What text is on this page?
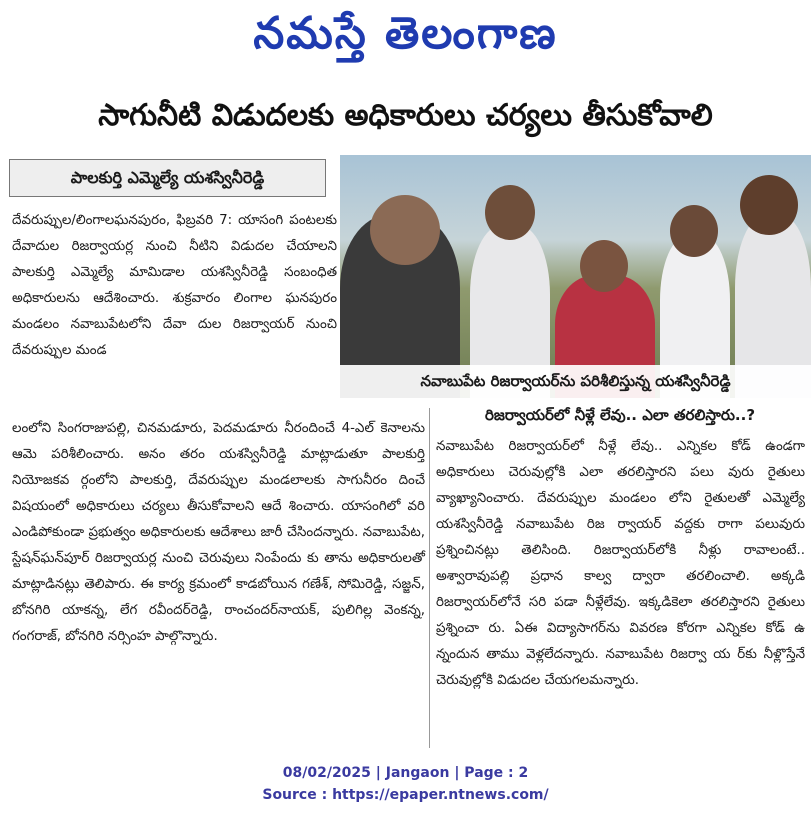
నమస్తే తెలంగాణ
సాగునీటి విడుదలకు అధికారులు చర్యలు తీసుకోవాలి
పాలకుర్తి ఎమ్మెల్యే యశస్వినీరెడ్డి
నవాబుపేట రిజర్వాయర్‌ను పరిశీలిస్తున్న యశస్వినీరెడ్డి
దేవరుప్పుల/లింగాలఘనపురం, ఫిబ్రవరి 7: యాసంగి పంటలకు దేవాదుల రిజర్వాయర్ల నుంచి నీటిని విడుదల చేయాలని పాలకుర్తి ఎమ్మెల్యే మామిడాల యశస్వినీరెడ్డి సంబంధిత అధికారులను ఆదేశించారు. శుక్రవారం లింగాల ఘనపురం మండలం నవాబుపేటలోని దేవా దుల రిజర్వాయర్ నుంచి దేవరుప్పుల మండ
లంలోని సింగరాజుపల్లి, చినమడూరు, పెదమడూరు నీరందించే 4-ఎల్ కెనాలను ఆమె పరిశీలించారు. అనం తరం యశస్వినీరెడ్డి మాట్లాడుతూ పాలకుర్తి నియోజకవ ర్గంలోని పాలకుర్తి, దేవరుప్పుల మండలాలకు సాగునీరం దించే విషయంలో అధికారులు చర్యలు తీసుకోవాలని ఆదే శించారు. యాసంగిలో వరి ఎండిపోకుండా ప్రభుత్వం అధికారులకు ఆదేశాలు జారీ చేసిందన్నారు. నవాబుపేట, స్టేషన్‌ఘన్‌పూర్ రిజర్వాయర్ల నుంచి చెరువులు నింపేందు కు తాను అధికారులతో మాట్లాడినట్లు తెలిపారు. ఈ కార్య క్రమంలో కాడబోయిన గణేశ్, సోమిరెడ్డి, సజ్జన్, బోనగిరి యాకన్న, లేగ రవీందర్‌రెడ్డి, రాంచందర్‌నాయక్, పులిగిల్ల వెంకన్న, గంగరాజ్, బోనగిరి నర్సింహ పాల్గొన్నారు.
రిజర్వాయర్‌లో నీళ్లే లేవు.. ఎలా తరలిస్తారు..?
నవాబుపేట రిజర్వాయర్‌లో నీళ్లే లేవు.. ఎన్నికల కోడ్ ఉండగా అధికారులు చెరువుల్లోకి ఎలా తరలిస్తారని పలు వురు రైతులు వ్యాఖ్యానించారు. దేవరుప్పుల మండలం లోని రైతులతో ఎమ్మెల్యే యశస్వినీరెడ్డి నవాబుపేట రిజ ర్వాయర్ వద్దకు రాగా పలువురు ప్రశ్నించినట్లు తెలిసింది. రిజర్వాయర్‌లోకి నీళ్లు రావాలంటే.. అశ్వారావుపల్లి ప్రధాన కాల్వ ద్వారా తరలించాలి. అక్కడి రిజర్వాయర్‌లోనే సరి పడా నీళ్లేలేవు. ఇక్కడికెలా తరలిస్తారని రైతులు ప్రశ్నించా రు. ఏఈ విద్యాసాగర్‌ను వివరణ కోరగా ఎన్నికల కోడ్ ఉ న్నందున తాము వెళ్లలేదన్నారు. నవాబుపేట రిజర్వా య ర్‌కు నీళ్లొస్తేనే చెరువుల్లోకి విడుదల చేయగలమన్నారు.
08/02/2025 | Jangaon | Page : 2
Source : https://epaper.ntnews.com/
